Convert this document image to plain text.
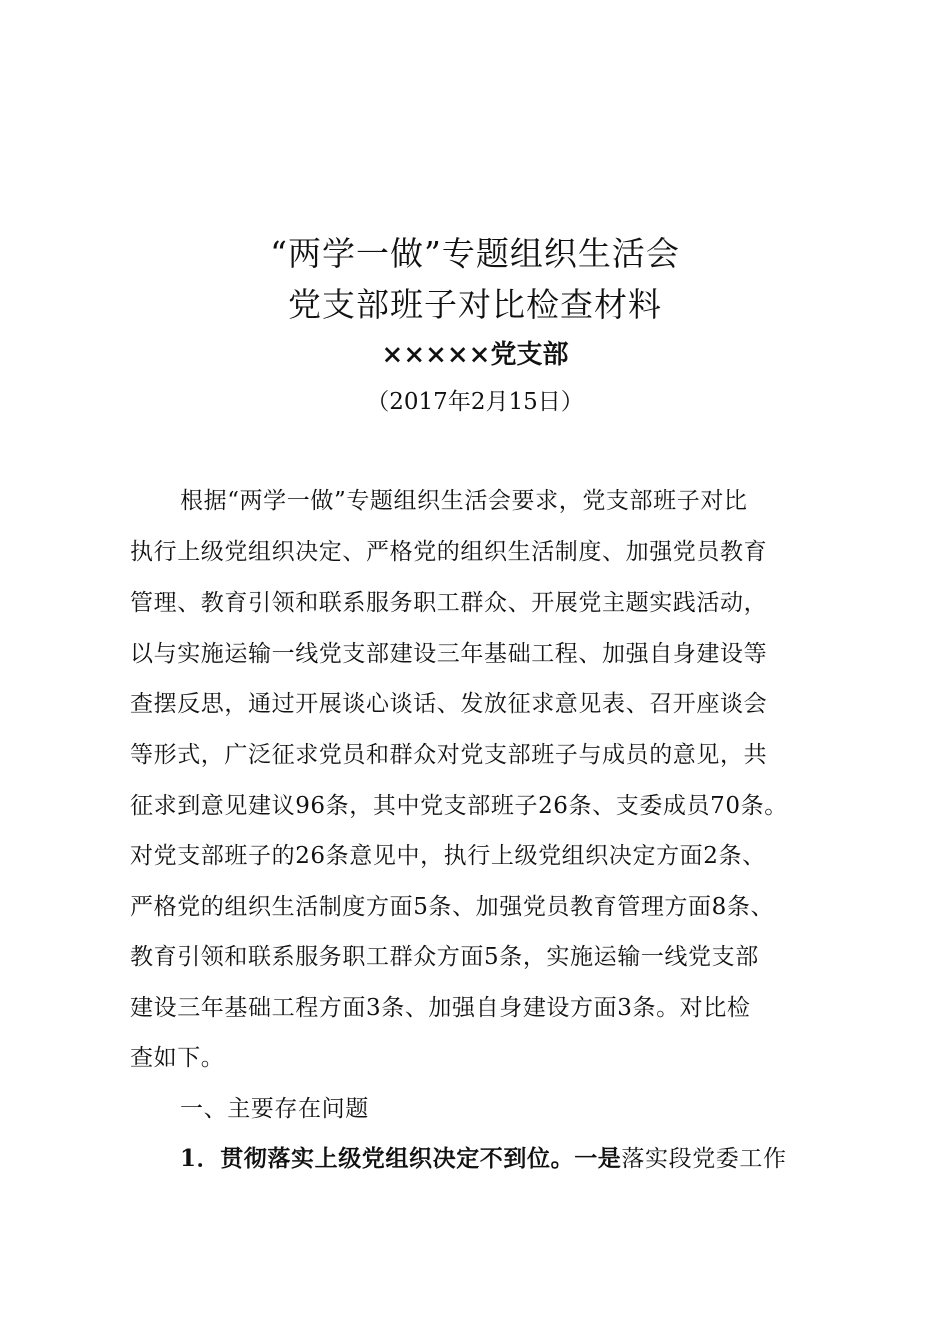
“两学一做”专题组织生活会
党支部班子对比检查材料
×××××党支部
（2017年2月15日）
根据“两学一做”专题组织生活会要求，党支部班子对比
执行上级党组织决定、严格党的组织生活制度、加强党员教育
管理、教育引领和联系服务职工群众、开展党主题实践活动，
以与实施运输一线党支部建设三年基础工程、加强自身建设等
查摆反思，通过开展谈心谈话、发放征求意见表、召开座谈会
等形式，广泛征求党员和群众对党支部班子与成员的意见，共
征求到意见建议96条，其中党支部班子26条、支委成员70条。
对党支部班子的26条意见中，执行上级党组织决定方面2条、
严格党的组织生活制度方面5条、加强党员教育管理方面8条、
教育引领和联系服务职工群众方面5条，实施运输一线党支部
建设三年基础工程方面3条、加强自身建设方面3条。对比检
查如下。
一、主要存在问题
1．贯彻落实上级党组织决定不到位。一是落实段党委工作
